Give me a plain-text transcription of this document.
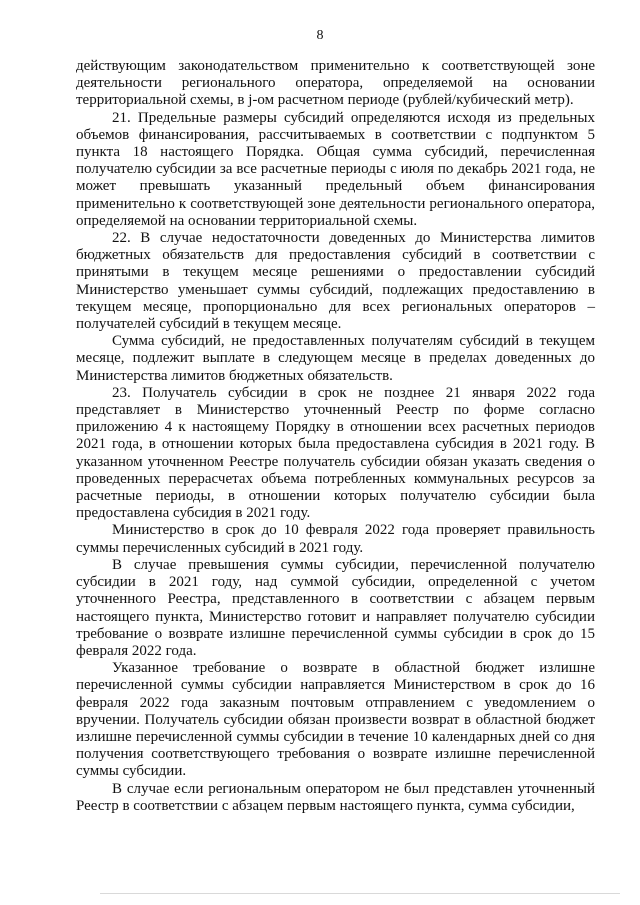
8

действующим законодательством применительно к соответствующей зоне деятельности регионального оператора, определяемой на основании территориальной схемы, в j-ом расчетном периоде (рублей/кубический метр).

21. Предельные размеры субсидий определяются исходя из предельных объемов финансирования, рассчитываемых в соответствии с подпунктом 5 пункта 18 настоящего Порядка. Общая сумма субсидий, перечисленная получателю субсидии за все расчетные периоды с июля по декабрь 2021 года, не может превышать указанный предельный объем финансирования применительно к соответствующей зоне деятельности регионального оператора, определяемой на основании территориальной схемы.

22. В случае недостаточности доведенных до Министерства лимитов бюджетных обязательств для предоставления субсидий в соответствии с принятыми в текущем месяце решениями о предоставлении субсидий Министерство уменьшает суммы субсидий, подлежащих предоставлению в текущем месяце, пропорционально для всех региональных операторов – получателей субсидий в текущем месяце.

Сумма субсидий, не предоставленных получателям субсидий в текущем месяце, подлежит выплате в следующем месяце в пределах доведенных до Министерства лимитов бюджетных обязательств.

23. Получатель субсидии в срок не позднее 21 января 2022 года представляет в Министерство уточненный Реестр по форме согласно приложению 4 к настоящему Порядку в отношении всех расчетных периодов 2021 года, в отношении которых была предоставлена субсидия в 2021 году. В указанном уточненном Реестре получатель субсидии обязан указать сведения о проведенных перерасчетах объема потребленных коммунальных ресурсов за расчетные периоды, в отношении которых получателю субсидии была предоставлена субсидия в 2021 году.

Министерство в срок до 10 февраля 2022 года проверяет правильность суммы перечисленных субсидий в 2021 году.

В случае превышения суммы субсидии, перечисленной получателю субсидии в 2021 году, над суммой субсидии, определенной с учетом уточненного Реестра, представленного в соответствии с абзацем первым настоящего пункта, Министерство готовит и направляет получателю субсидии требование о возврате излишне перечисленной суммы субсидии в срок до 15 февраля 2022 года.

Указанное требование о возврате в областной бюджет излишне перечисленной суммы субсидии направляется Министерством в срок до 16 февраля 2022 года заказным почтовым отправлением с уведомлением о вручении. Получатель субсидии обязан произвести возврат в областной бюджет излишне перечисленной суммы субсидии в течение 10 календарных дней со дня получения соответствующего требования о возврате излишне перечисленной суммы субсидии.

В случае если региональным оператором не был представлен уточненный Реестр в соответствии с абзацем первым настоящего пункта, сумма субсидии,
